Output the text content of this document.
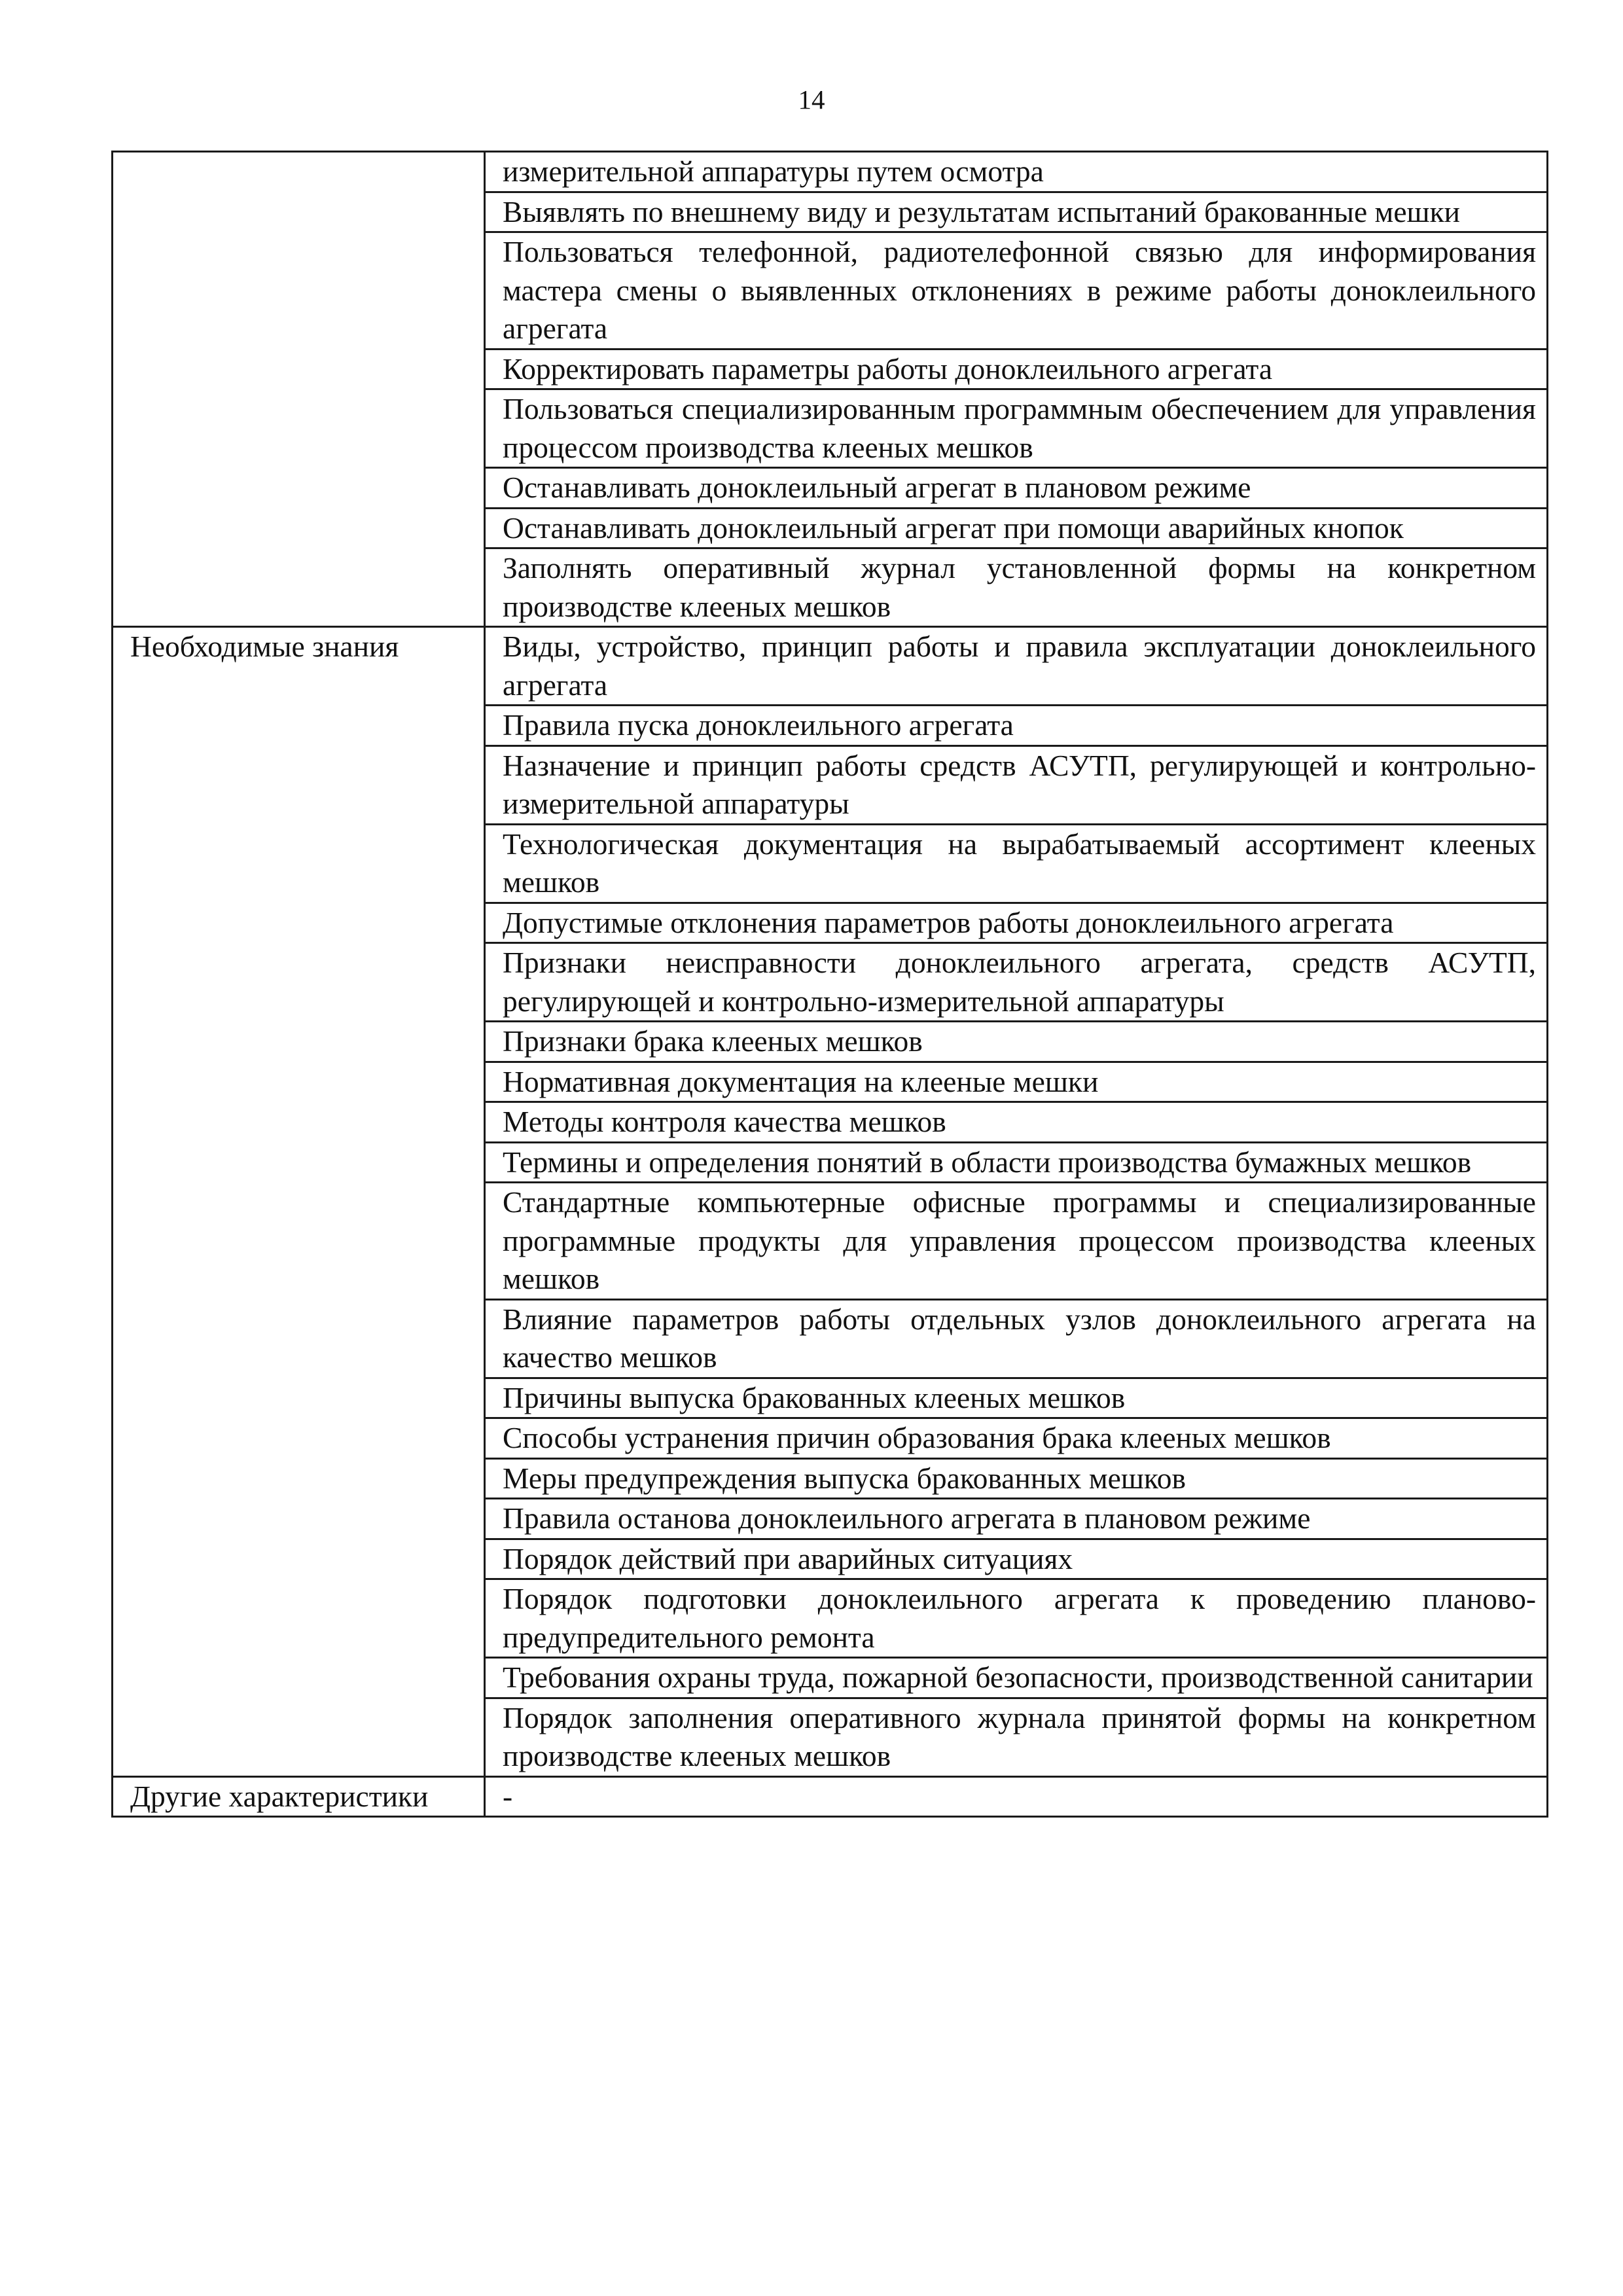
14
	измерительной аппаратуры путем осмотра
	Выявлять по внешнему виду и результатам испытаний бракованные мешки
	Пользоваться телефонной, радиотелефонной связью для информирования мастера смены о выявленных отклонениях в режиме работы доноклеильного агрегата
	Корректировать параметры работы доноклеильного агрегата
	Пользоваться специализированным программным обеспечением для управления процессом производства клееных мешков
	Останавливать доноклеильный агрегат в плановом режиме
	Останавливать доноклеильный агрегат при помощи аварийных кнопок
	Заполнять оперативный журнал установленной формы на конкретном производстве клееных мешков
Необходимые знания	Виды, устройство, принцип работы и правила эксплуатации доноклеильного агрегата
	Правила пуска доноклеильного агрегата
	Назначение и принцип работы средств АСУТП, регулирующей и контрольно-измерительной аппаратуры
	Технологическая документация на вырабатываемый ассортимент клееных мешков
	Допустимые отклонения параметров работы доноклеильного агрегата
	Признаки неисправности доноклеильного агрегата, средств АСУТП, регулирующей и контрольно-измерительной аппаратуры
	Признаки брака клееных мешков
	Нормативная документация на клееные мешки
	Методы контроля качества мешков
	Термины и определения понятий в области производства бумажных мешков
	Стандартные компьютерные офисные программы и специализированные программные продукты для управления процессом производства клееных мешков
	Влияние параметров работы отдельных узлов доноклеильного агрегата на качество мешков
	Причины выпуска бракованных клееных мешков
	Способы устранения причин образования брака клееных мешков
	Меры предупреждения выпуска бракованных мешков
	Правила останова доноклеильного агрегата в плановом режиме
	Порядок действий при аварийных ситуациях
	Порядок подготовки доноклеильного агрегата к проведению планово-предупредительного ремонта
	Требования охраны труда, пожарной безопасности, производственной санитарии
	Порядок заполнения оперативного журнала принятой формы на конкретном производстве клееных мешков
Другие характеристики	-
